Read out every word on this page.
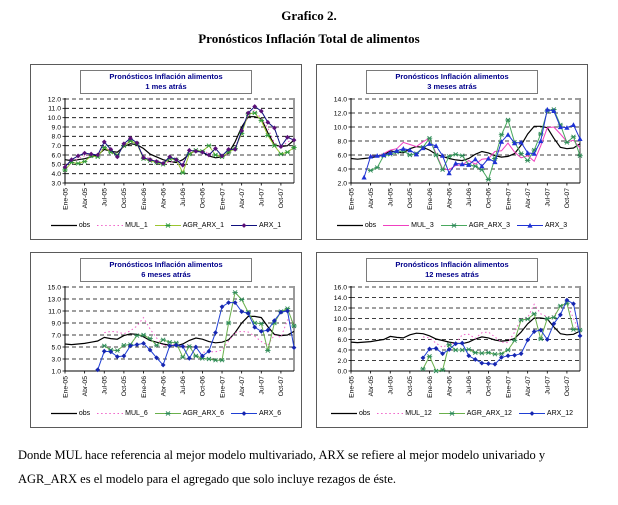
Grafico 2.
Pronósticos Inflación Total de alimentos
Pronósticos Inflación alimentos
1 mes atrás
3.0
4.0
5.0
6.0
7.0
8.0
9.0
10.0
11.0
12.0
Ene-05 Abr-05 Jul-05 Oct-05 Ene-06 Abr-06 Jul-06 Oct-06 Ene-07 Abr-07 Jul-07 Oct-07
obs	MUL_1	AGR_ARX_1	ARX_1
Pronósticos Inflación alimentos
3 meses atrás
2.0
4.0
6.0
8.0
10.0
12.0
14.0
Ene-05 Abr-05 Jul-05 Oct-05 Ene-06 Abr-06 Jul-06 Oct-06 Ene-07 Abr-07 Jul-07 Oct-07
obs	MUL_3	AGR_ARX_3	ARX_3
Pronósticos Inflación alimentos
6 meses atrás
1.0
3.0
5.0
7.0
9.0
11.0
13.0
15.0
Ene-05 Abr-05 Jul-05 Oct-05 Ene-06 Abr-06 Jul-06 Oct-06 Ene-07 Abr-07 Jul-07 Oct-07
obs	MUL_6	AGR_ARX_6	ARX_6
Pronósticos Inflación alimentos
12 meses atrás
0.0
2.0
4.0
6.0
8.0
10.0
12.0
14.0
16.0
Ene-05 Abr-05 Jul-05 Oct-05 Ene-06 Abr-06 Jul-06 Oct-06 Ene-07 Abr-07 Jul-07 Oct-07
obs	MUL_12	AGR_ARX_12	ARX_12
Donde MUL hace referencia al mejor modelo multivariado, ARX se refiere al mejor modelo univariado y AGR_ARX es el modelo para el agregado que solo incluye rezagos de éste.
